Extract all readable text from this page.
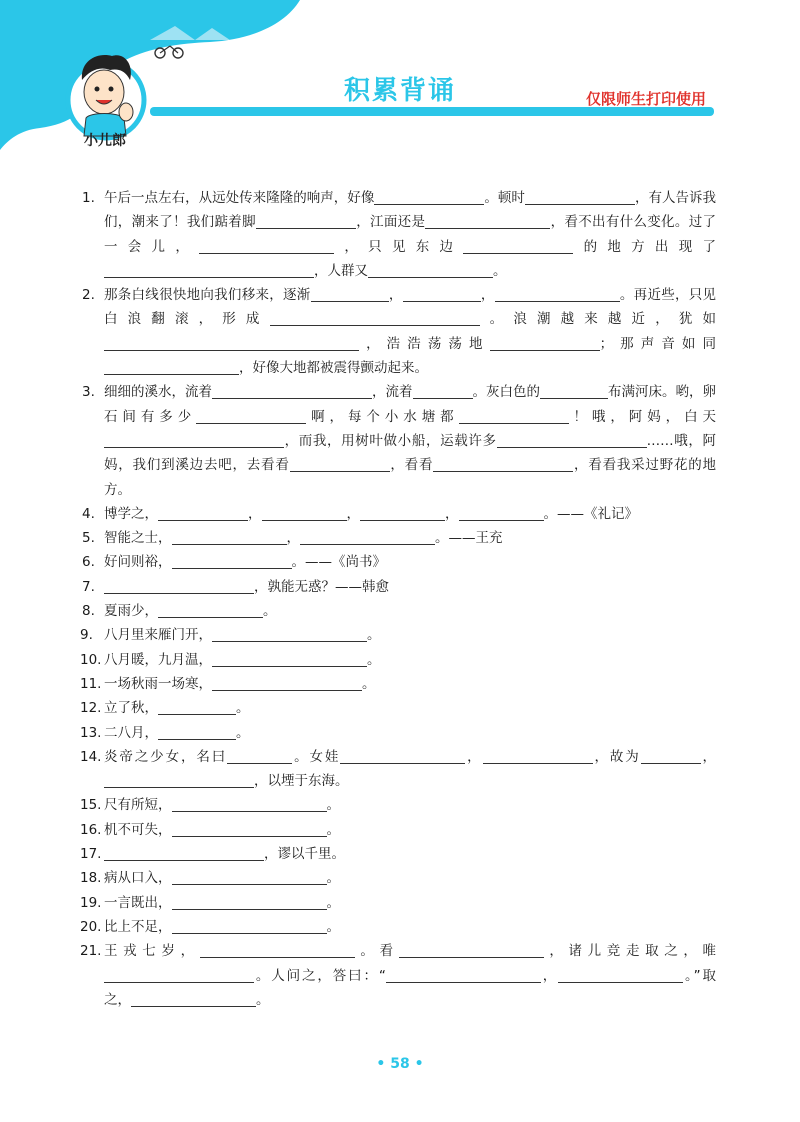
积累背诵	仅限师生打印使用
小儿郎
1. 午后一点左右，从远处传来隆隆的响声，好像	。顿时	，有人告诉我们，潮来了！我们踮着脚	，江面还是	，看不出有什么变化。过了一会儿，	，只见东边	的地方出现了，人群又	。
2. 那条白线很快地向我们移来，逐渐	，	，	。再近些，只见白浪翻滚，形成	。浪潮越来越近，犹如，浩浩荡荡地	；那声音如同，好像大地都被震得颤动起来。
3. 细细的溪水，流着	，流着	。灰白色的	布满河床。哟，卵石间有多少	啊，每个小水塘都	！哦，阿妈，白天，而我，用树叶做小船，运载许多	……哦，阿妈，我们到溪边去吧，去看看	，看看	，看看我采过野花的地方。
4. 博学之，	，	，	，	。——《礼记》
5. 智能之士，	，	。——王充
6. 好问则裕，	。——《尚书》
7.	，孰能无惑？——韩愈
8. 夏雨少，	。
9. 八月里来雁门开，	。
10. 八月暖，九月温，	。
11. 一场秋雨一场寒，	。
12. 立了秋，	。
13. 二八月，	。
14. 炎帝之少女，名曰	。女娃	，	，故为	，，以堙于东海。
15. 尺有所短，	。
16. 机不可失，	。
17.	，谬以千里。
18. 病从口入，	。
19. 一言既出，	。
20. 比上不足，	。
21. 王戎七岁，	。看	，诸儿竞走取之，唯。人问之，答曰：“	，	。”取之，	。
• 58 •
